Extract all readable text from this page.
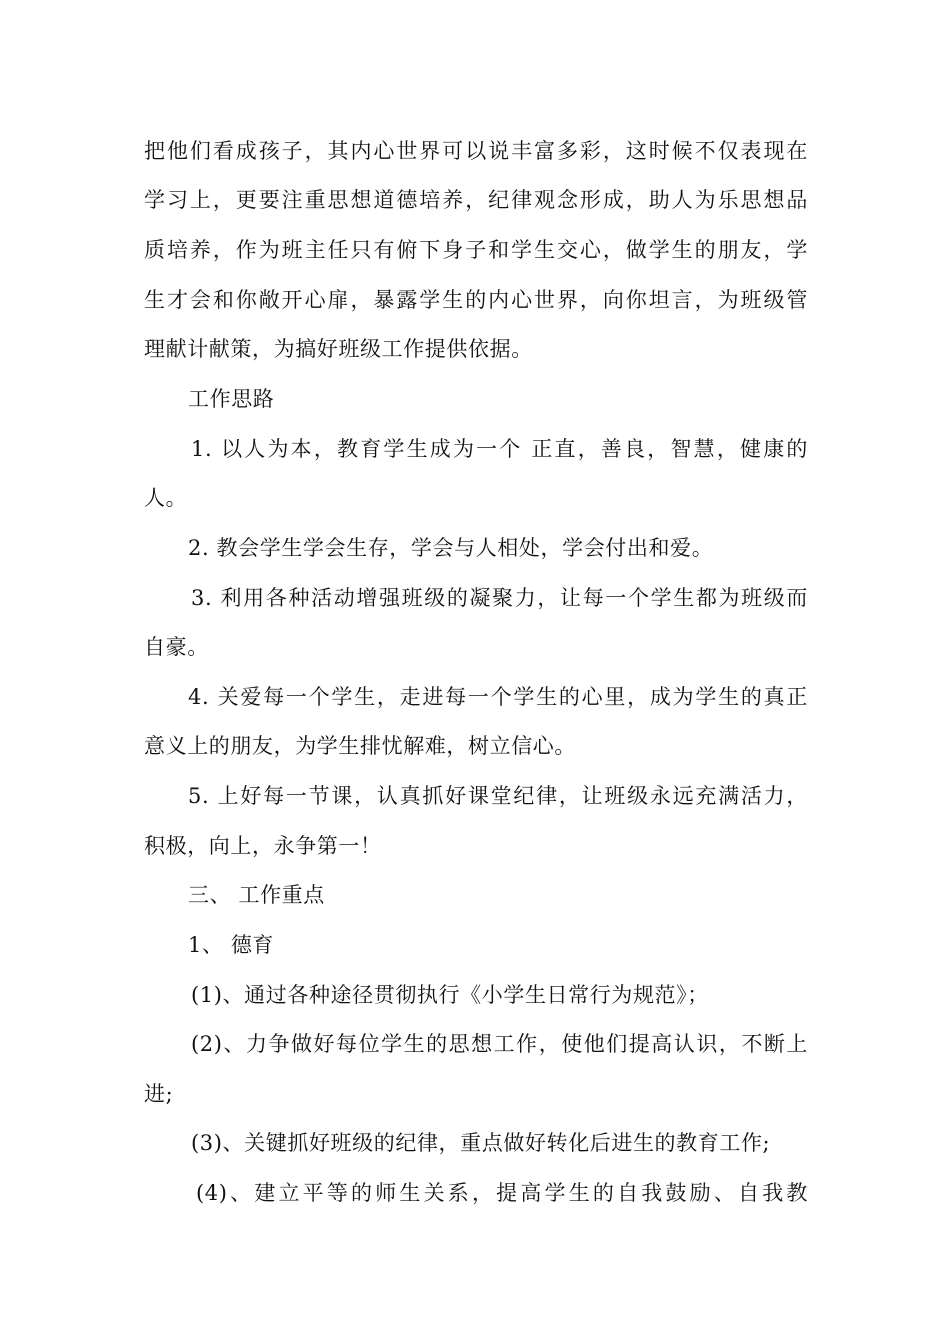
把他们看成孩子，其内心世界可以说丰富多彩，这时候不仅表现在
学习上，更要注重思想道德培养，纪律观念形成，助人为乐思想品
质培养，作为班主任只有俯下身子和学生交心，做学生的朋友，学
生才会和你敞开心扉，暴露学生的内心世界，向你坦言，为班级管
理献计献策，为搞好班级工作提供依据。
工作思路
1. 以人为本，教育学生成为一个 正直，善良，智慧，健康的
人。
2. 教会学生学会生存，学会与人相处，学会付出和爱。
3. 利用各种活动增强班级的凝聚力，让每一个学生都为班级而
自豪。
4. 关爱每一个学生，走进每一个学生的心里，成为学生的真正
意义上的朋友，为学生排忧解难，树立信心。
5. 上好每一节课，认真抓好课堂纪律，让班级永远充满活力，
积极，向上，永争第一！
三、 工作重点
1、 德育
(1)、通过各种途径贯彻执行《小学生日常行为规范》；
(2)、力争做好每位学生的思想工作，使他们提高认识，不断上
进;
(3)、关键抓好班级的纪律，重点做好转化后进生的教育工作;
(4)、建立平等的师生关系，提高学生的自我鼓励、自我教
